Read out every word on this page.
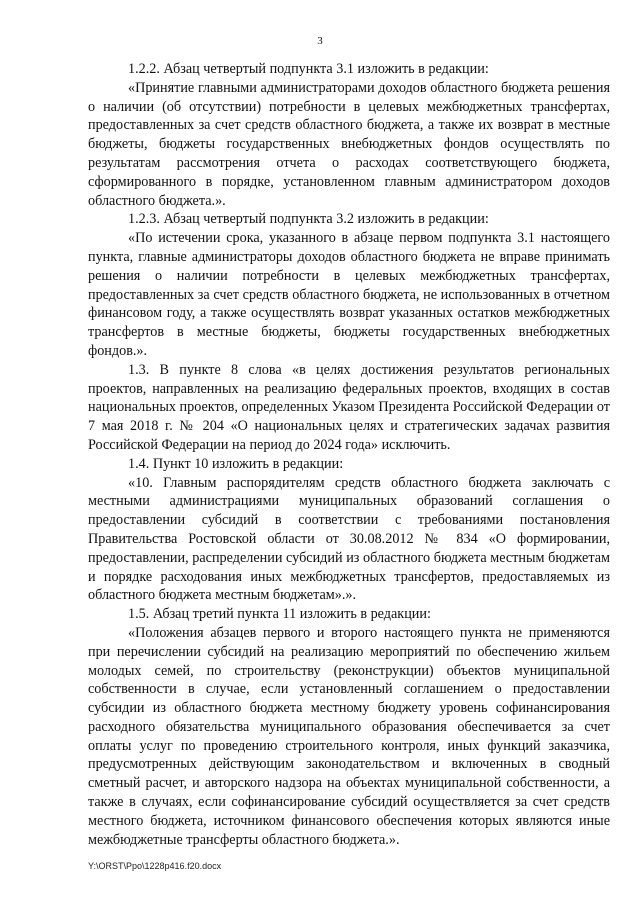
3

1.2.2. Абзац четвертый подпункта 3.1 изложить в редакции:

«Принятие главными администраторами доходов областного бюджета решения о наличии (об отсутствии) потребности в целевых межбюджетных трансфертах, предоставленных за счет средств областного бюджета, а также их возврат в местные бюджеты, бюджеты государственных внебюджетных фондов осуществлять по результатам рассмотрения отчета о расходах соответствующего бюджета, сформированного в порядке, установленном главным администратором доходов областного бюджета.».

1.2.3. Абзац четвертый подпункта 3.2 изложить в редакции:

«По истечении срока, указанного в абзаце первом подпункта 3.1 настоящего пункта, главные администраторы доходов областного бюджета не вправе принимать решения о наличии потребности в целевых межбюджетных трансфертах, предоставленных за счет средств областного бюджета, не использованных в отчетном финансовом году, а также осуществлять возврат указанных остатков межбюджетных трансфертов в местные бюджеты, бюджеты государственных внебюджетных фондов.».

1.3. В пункте 8 слова «в целях достижения результатов региональных проектов, направленных на реализацию федеральных проектов, входящих в состав национальных проектов, определенных Указом Президента Российской Федерации от 7 мая 2018 г. № 204 «О национальных целях и стратегических задачах развития Российской Федерации на период до 2024 года» исключить.

1.4. Пункт 10 изложить в редакции:

«10. Главным распорядителям средств областного бюджета заключать с местными администрациями муниципальных образований соглашения о предоставлении субсидий в соответствии с требованиями постановления Правительства Ростовской области от 30.08.2012 № 834 «О формировании, предоставлении, распределении субсидий из областного бюджета местным бюджетам и порядке расходования иных межбюджетных трансфертов, предоставляемых из областного бюджета местным бюджетам».».

1.5. Абзац третий пункта 11 изложить в редакции:

«Положения абзацев первого и второго настоящего пункта не применяются при перечислении субсидий на реализацию мероприятий по обеспечению жильем молодых семей, по строительству (реконструкции) объектов муниципальной собственности в случае, если установленный соглашением о предоставлении субсидии из областного бюджета местному бюджету уровень софинансирования расходного обязательства муниципального образования обеспечивается за счет оплаты услуг по проведению строительного контроля, иных функций заказчика, предусмотренных действующим законодательством и включенных в сводный сметный расчет, и авторского надзора на объектах муниципальной собственности, а также в случаях, если софинансирование субсидий осуществляется за счет средств местного бюджета, источником финансового обеспечения которых являются иные межбюджетные трансферты областного бюджета.».

Y:\ORST\Ppo\1228p416.f20.docx
